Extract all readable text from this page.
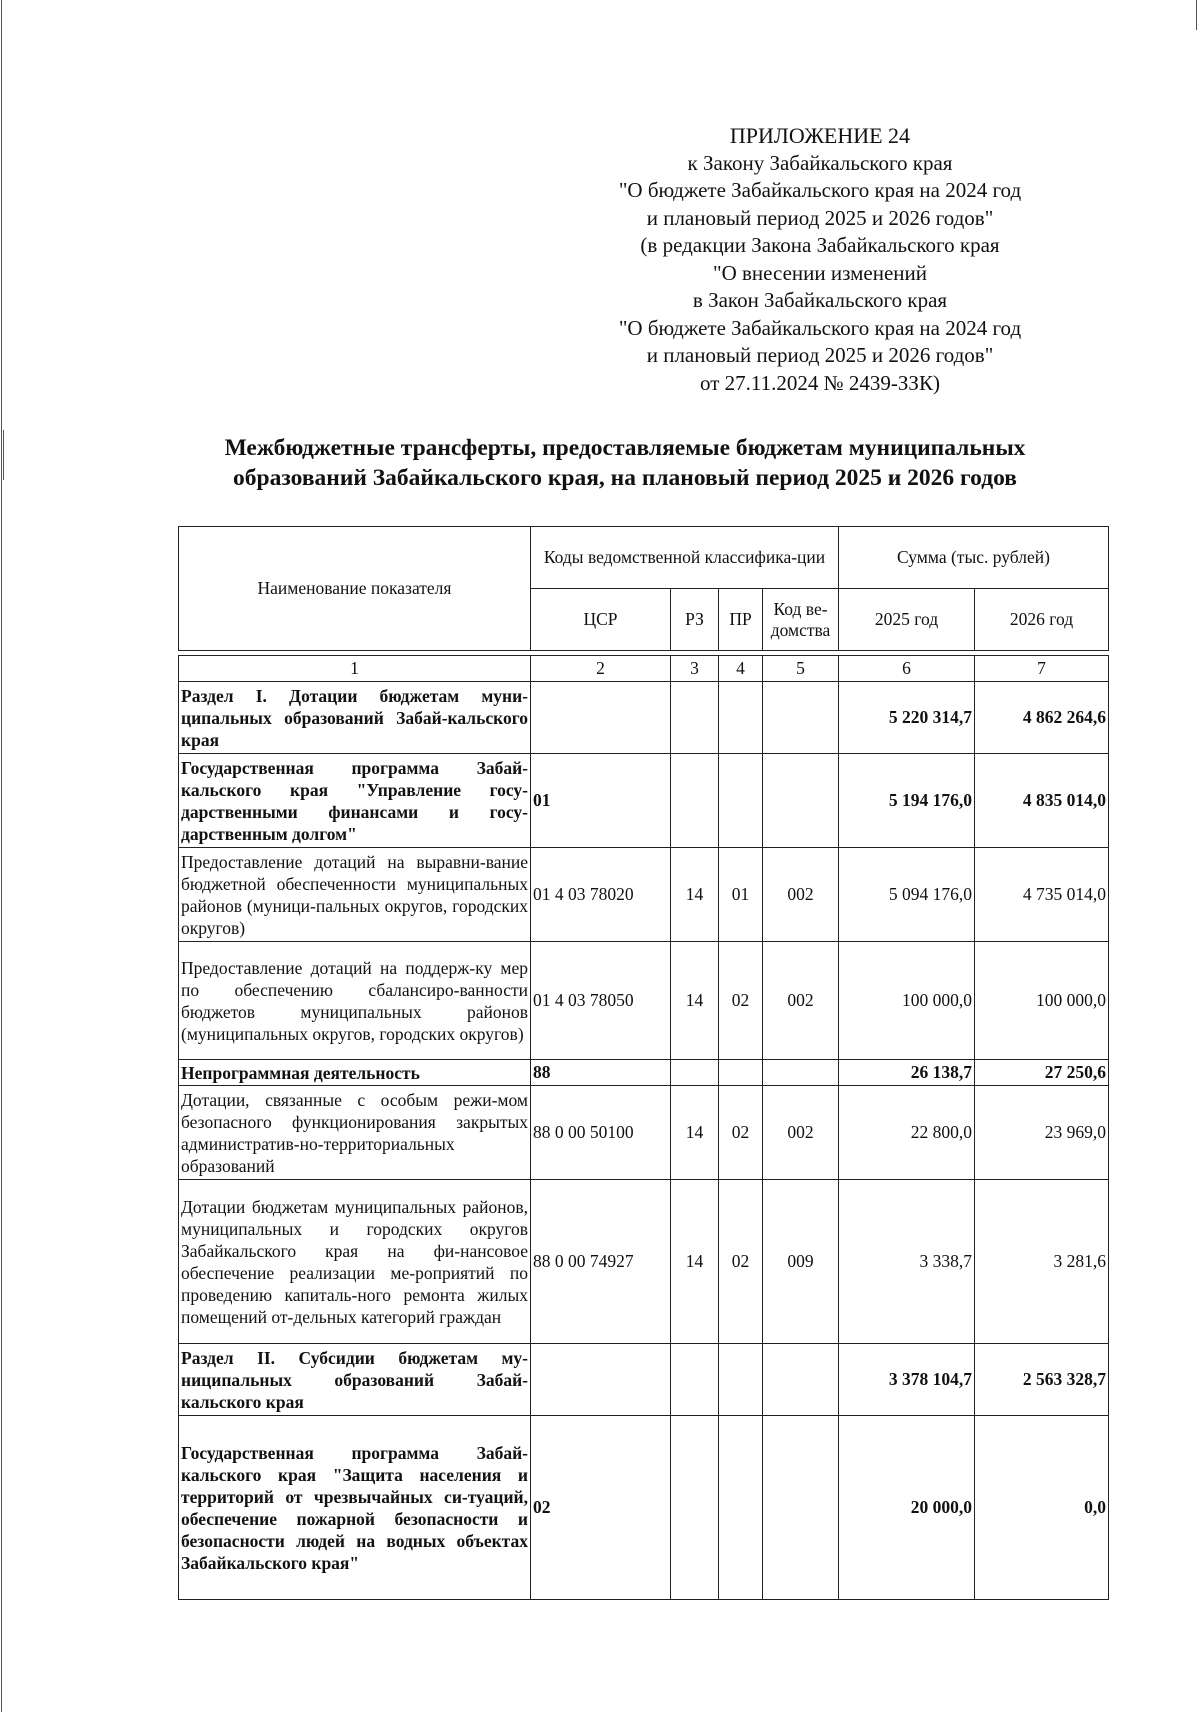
ПРИЛОЖЕНИЕ 24
к Закону Забайкальского края
"О бюджете Забайкальского края на 2024 год
и плановый период 2025 и 2026 годов"
(в редакции Закона Забайкальского края
"О внесении изменений
в Закон Забайкальского края
"О бюджете Забайкальского края на 2024 год
и плановый период 2025 и 2026 годов"
от 27.11.2024 № 2439-ЗЗК)
Межбюджетные трансферты, предоставляемые бюджетам муниципальных
образований Забайкальского края, на плановый период 2025 и 2026 годов
Наименование показателя	Коды ведомственной классифика-ции				Сумма (тыс. рублей)	
	ЦСР	РЗ	ПР	Код ве-домства	2025 год	2026 год

1	2	3	4	5	6	7
Раздел I. Дотации бюджетам муни-ципальных образований Забай-кальского края					5 220 314,7	4 862 264,6
Государственная программа Забай-кальского края "Управление госу-дарственными финансами и госу-дарственным долгом"	01				5 194 176,0	4 835 014,0
Предоставление дотаций на выравни-вание бюджетной обеспеченности муниципальных районов (муници-пальных округов, городских округов)	01 4 03 78020	14	01	002	5 094 176,0	4 735 014,0
Предоставление дотаций на поддерж-ку мер по обеспечению сбалансиро-ванности бюджетов муниципальных районов (муниципальных округов, городских округов)	01 4 03 78050	14	02	002	100 000,0	100 000,0
Непрограммная деятельность	88				26 138,7	27 250,6
Дотации, связанные с особым режи-мом безопасного функционирования закрытых административ-но-территориальных образований	88 0 00 50100	14	02	002	22 800,0	23 969,0
Дотации бюджетам муниципальных районов, муниципальных и городских округов Забайкальского края на фи-нансовое обеспечение реализации ме-роприятий по проведению капиталь-ного ремонта жилых помещений от-дельных категорий граждан	88 0 00 74927	14	02	009	3 338,7	3 281,6
Раздел II. Субсидии бюджетам му-ниципальных образований Забай-кальского края					3 378 104,7	2 563 328,7
Государственная программа Забай-кальского края "Защита населения и территорий от чрезвычайных си-туаций, обеспечение пожарной безопасности и безопасности людей на водных объектах Забайкальского края"	02				20 000,0	0,0
